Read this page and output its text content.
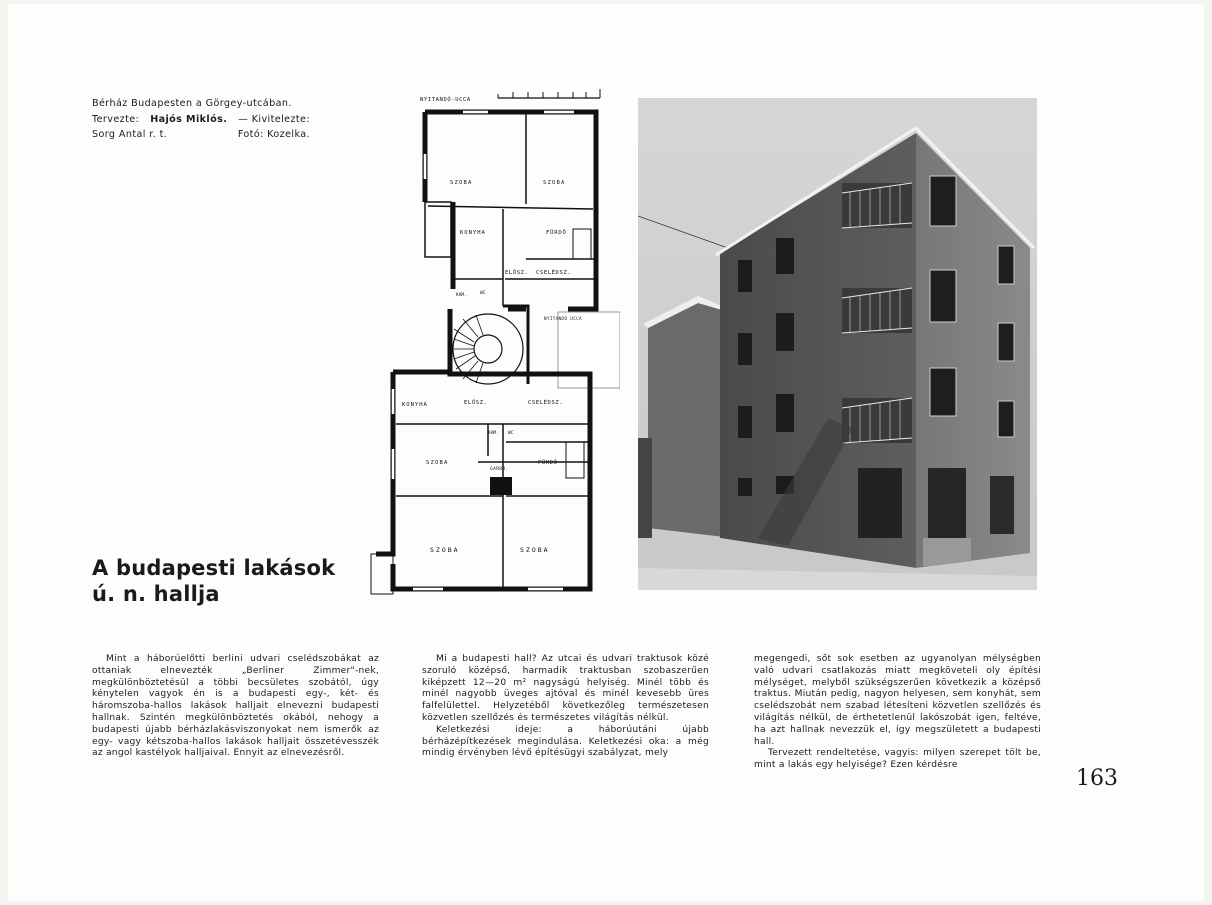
Bérház Budapesten a Görgey-utcában.
Tervezte: Hajós Miklós. — Kivitelezte:
Sorg Antal r. t.	Fotó: Kozelka.
A budapesti lakások
ú. n. hallja
NYITANDÓ-UCCA
NYITANDÓ UCCA
SZOBA	SZOBA
KONYHA	FÜRDŐ
ELŐSZ. CSELÉDSZ.
KAM.	WC
KONYHA	ELŐSZ.	CSELÉDSZ.
KAM. WC
SZOBA	FÜRDŐ
GARDR.
SZOBA	SZOBA

Mint a háborúelőtti berlini udvari cselédszobákat az ottaniak elnevezték „Berliner Zimmer"-nek, megkülönböztetésül a többi becsületes szobától, úgy kénytelen vagyok én is a budapesti egy-, két- és háromszoba-hallos lakások halljait elnevezni budapesti hallnak. Szintén megkülönböztetés okából, nehogy a budapesti újabb bérházlakásviszonyokat nem ismerők az egy- vagy kétszoba-hallos lakások halljait összetévesszék az angol kastélyok halljaival. Ennyit az elnevezésről.

Mi a budapesti hall? Az utcai és udvari traktusok közé szoruló középső, harmadik traktusban szobaszerűen kiképzett 12—20 m² nagyságú helyiség. Minél több és minél nagyobb üveges ajtóval és minél kevesebb üres falfelülettel. Helyzetéből következőleg természetesen közvetlen szellőzés és természetes világítás nélkül.

Keletkezési ideje: a háborúutáni újabb bérházépítkezések megindulása. Keletkezési oka: a még mindig érvényben lévő építésügyi szabályzat, mely

megengedi, sőt sok esetben az ugyanolyan mélységben való udvari csatlakozás miatt megköveteli oly építési mélységet, melyből szükségszerűen következik a középső traktus. Miután pedig, nagyon helyesen, sem konyhát, sem cselédszobát nem szabad létesíteni közvetlen szellőzés és világítás nélkül, de érthetetlenül lakószobát igen, feltéve, ha azt hallnak nevezzük el, így megszületett a budapesti hall.

Tervezett rendeltetése, vagyis: milyen szerepet tölt be, mint a lakás egy helyisége? Ezen kérdésre

163
